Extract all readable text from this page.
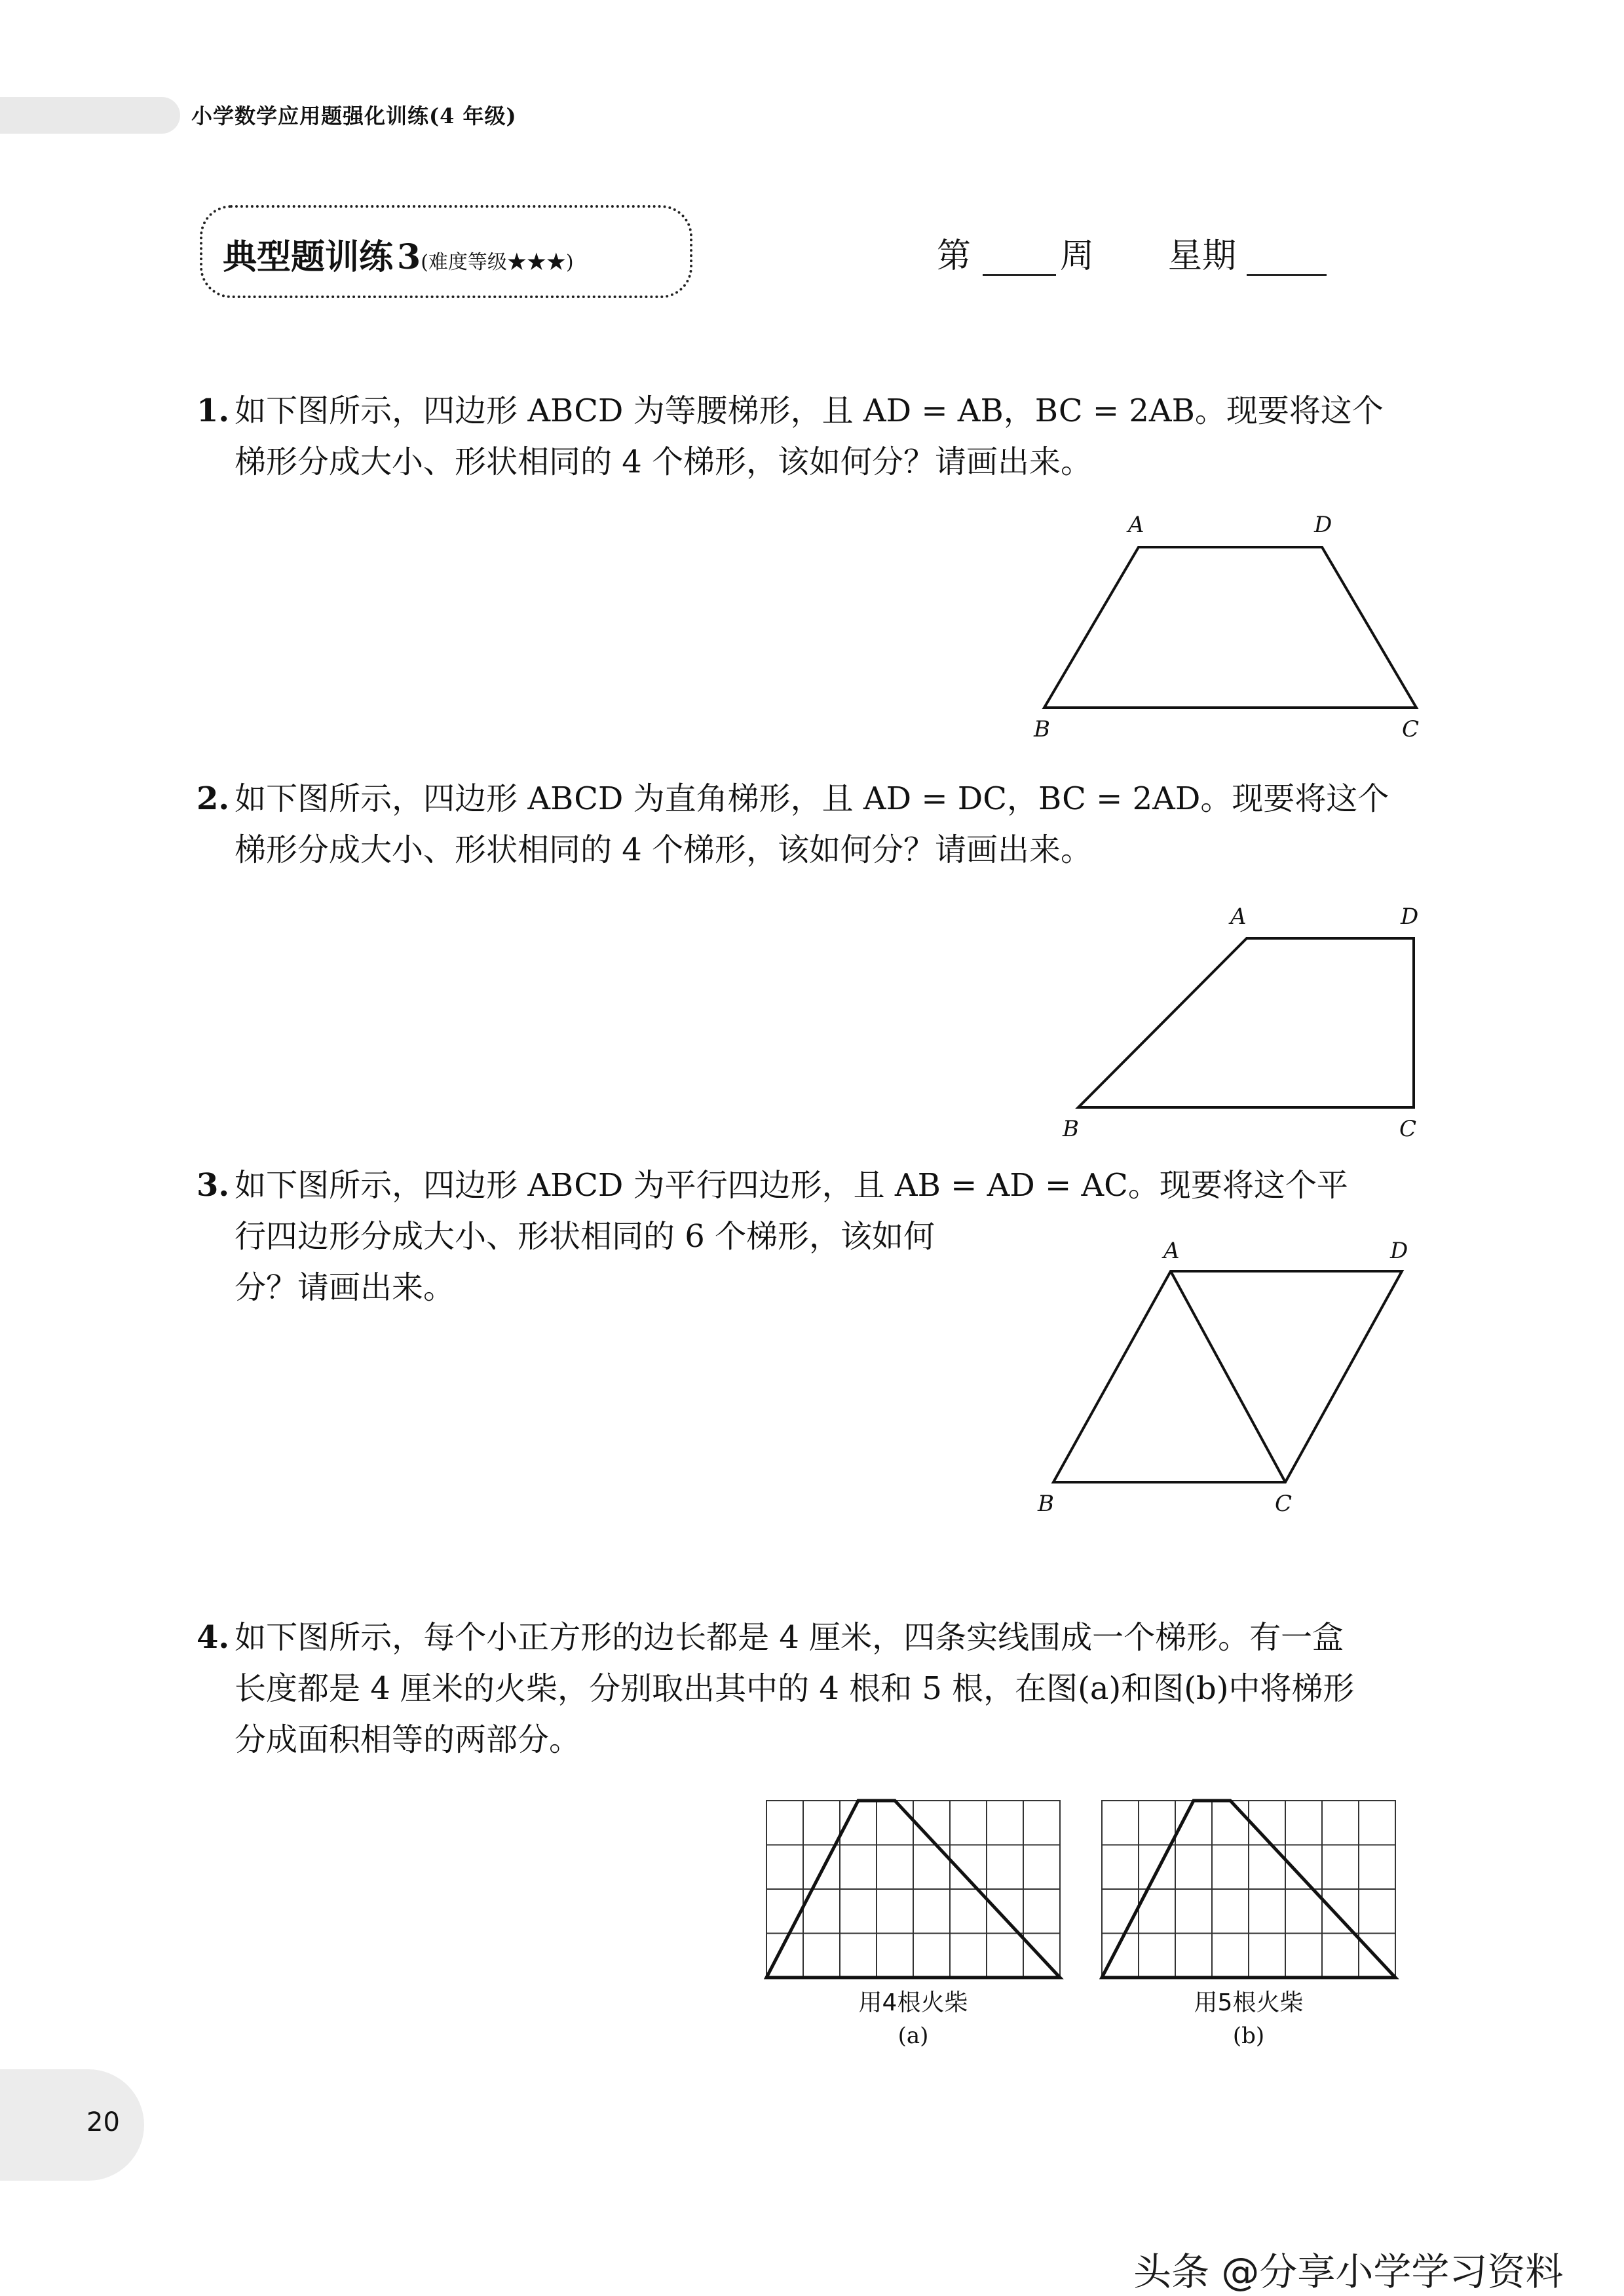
小学数学应用题强化训练(4 年级)
典型题训练 3(难度等级★★★)	第	周 星期
1. 如下图所示，四边形 ABCD 为等腰梯形，且 AD = AB，BC = 2AB。现要将这个
梯形分成大小、形状相同的 4 个梯形，该如何分？请画出来。
2. 如下图所示，四边形 ABCD 为直角梯形，且 AD = DC，BC = 2AD。现要将这个
梯形分成大小、形状相同的 4 个梯形，该如何分？请画出来。
3. 如下图所示，四边形 ABCD 为平行四边形，且 AB = AD = AC。现要将这个平
行四边形分成大小、形状相同的 6 个梯形，该如何
分？请画出来。
4. 如下图所示，每个小正方形的边长都是 4 厘米，四条实线围成一个梯形。有一盒
长度都是 4 厘米的火柴，分别取出其中的 4 根和 5 根，在图(a)和图(b)中将梯形
分成面积相等的两部分。
A	D
B	C
A	D
B	C
A	D
B	C
用4根火柴
(a)
用5根火柴
(b)
20
头条 @分享小学学习资料
